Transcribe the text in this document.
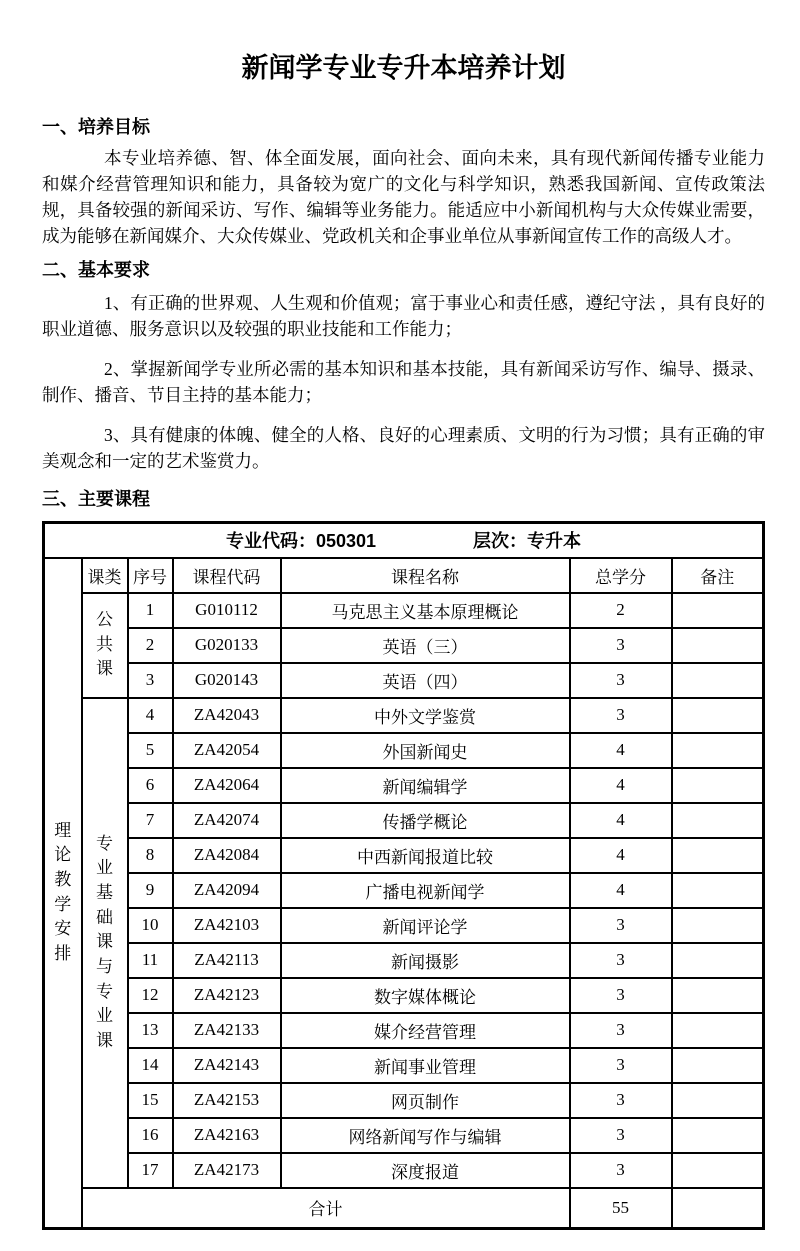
新闻学专业专升本培养计划
一、培养目标

本专业培养德、智、体全面发展，面向社会、面向未来，具有现代新闻传播专业能力和媒介经营管理知识和能力，具备较为宽广的文化与科学知识，熟悉我国新闻、宣传政策法规，具备较强的新闻采访、写作、编辑等业务能力。能适应中小新闻机构与大众传媒业需要，成为能够在新闻媒介、大众传媒业、党政机关和企事业单位从事新闻宣传工作的高级人才。

二、基本要求

1、有正确的世界观、人生观和价值观；富于事业心和责任感，遵纪守法 ，具有良好的职业道德、服务意识以及较强的职业技能和工作能力；

2、掌握新闻学专业所必需的基本知识和基本技能，具有新闻采访写作、编导、摄录、制作、播音、节目主持的基本能力；

3、具有健康的体魄、健全的人格、良好的心理素质、文明的行为习惯；具有正确的审美观念和一定的艺术鉴赏力。

三、主要课程
专业代码：050301 层次：专升本						
理论教学安排	课类	序号	课程代码	课程名称	总学分	备注
	公共课	1	G010112	马克思主义基本原理概论	2	
		2	G020133	英语（三）	3	
		3	G020143	英语（四）	3	
	专业基础课与专业课	4	ZA42043	中外文学鉴赏	3	
		5	ZA42054	外国新闻史	4	
		6	ZA42064	新闻编辑学	4	
		7	ZA42074	传播学概论	4	
		8	ZA42084	中西新闻报道比较	4	
		9	ZA42094	广播电视新闻学	4	
		10	ZA42103	新闻评论学	3	
		11	ZA42113	新闻摄影	3	
		12	ZA42123	数字媒体概论	3	
		13	ZA42133	媒介经营管理	3	
		14	ZA42143	新闻事业管理	3	
		15	ZA42153	网页制作	3	
		16	ZA42163	网络新闻写作与编辑	3	
		17	ZA42173	深度报道	3	
	合计				55	
